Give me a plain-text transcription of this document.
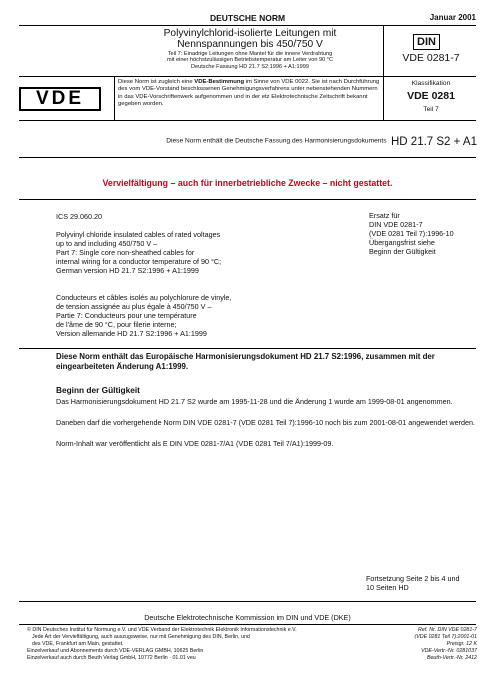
DEUTSCHE NORM	Januar 2001
Polyvinylchlorid-isolierte Leitungen mit
Nennspannungen bis 450/750 V
Teil 7: Einadrige Leitungen ohne Mantel für die innere Verdrahtung
mit einer höchstzulässigen Betriebstemperatur am Leiter von 90 °C
Deutsche Fassung HD 21.7 S2:1996 + A1:1999
DIN
VDE 0281-7
VDE
Diese Norm ist zugleich eine VDE-Bestimmung im Sinne von VDE 0022. Sie ist nach Durchführung des vom VDE-Vorstand beschlossenen Genehmigungsverfahrens unter nebenstehenden Nummern in das VDE-Vorschriftenwerk aufgenommen und in der etz Elektrotechnische Zeitschrift bekannt gegeben worden.
Klassifikation
VDE 0281
Teil 7
Diese Norm enthält die Deutsche Fassung des Harmonisierungsdokuments HD 21.7 S2 + A1
Vervielfältigung – auch für innerbetriebliche Zwecke – nicht gestattet.
ICS 29.060.20
Polyvinyl chloride insulated cables of rated voltages
up to and including 450/750 V –
Part 7: Single core non-sheathed cables for
internal wiring for a conductor temperature of 90 °C;
German version HD 21.7 S2:1996 + A1:1999
Conducteurs et câbles isolés au polychlorure de vinyle,
de tension assignée au plus égale à 450/750 V –
Partie 7: Conducteurs pour une température
de l'âme de 90 °C, pour filerie interne;
Version allemande HD 21.7 S2:1996 + A1:1999
Ersatz für
DIN VDE 0281-7
(VDE 0281 Teil 7):1996-10
Übergangsfrist siehe
Beginn der Gültigkeit
Diese Norm enthält das Europäische Harmonisierungsdokument HD 21.7 S2:1996, zusammen mit der eingearbeiteten Änderung A1:1999.
Beginn der Gültigkeit
Das Harmonisierungsdokument HD 21.7 S2 wurde am 1995-11-28 und die Änderung 1 wurde am 1999-08-01 angenommen.
Daneben darf die vorhergehende Norm DIN VDE 0281-7 (VDE 0281 Teil 7):1996-10 noch bis zum 2001-08-01 angewendet werden.
Norm-Inhalt war veröffentlicht als E DIN VDE 0281-7/A1 (VDE 0281 Teil 7/A1):1999-09.
Fortsetzung Seite 2 bis 4 und
10 Seiten HD
Deutsche Elektrotechnische Kommission im DIN und VDE (DKE)
© DIN Deutsches Institut für Normung e.V. und VDE Verband der Elektrotechnik Elektronik Informationstechnik e.V.
Jede Art der Vervielfältigung, auch auszugsweise, nur mit Genehmigung des DIN, Berlin, und
des VDE, Frankfurt am Main, gestattet.
Einzelverkauf und Abonnements durch VDE-VERLAG GMBH, 10625 Berlin
Einzelverkauf auch durch Beuth Verlag GmbH, 10772 Berlin · 01.01 veu
Ref. Nr. DIN VDE 0281-7
(VDE 0281 Teil 7):2001-01
Preisgr. 12 K
VDE-Vertr.-Nr. 0281037
Beuth-Vertr.-Nr. 2412
